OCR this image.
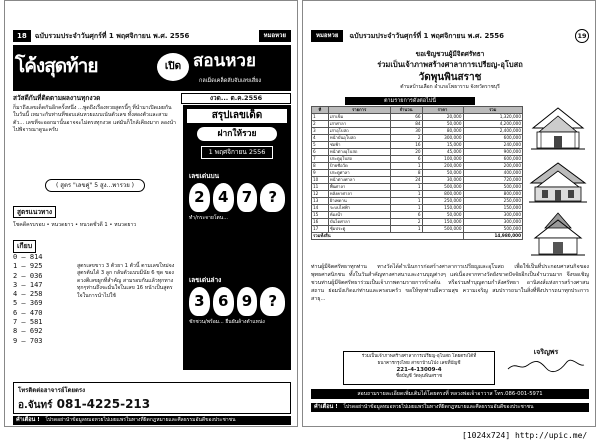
18	ฉบับรวมประจำวันศุกร์ที่ 1 พฤศจิกายน พ.ศ. 2556	หมอหวย
โค้งสุดท้าย	เปิด สอนหวย
กลเม็ดเคล็ดลับจับเลขเสี่ยง
สวัสดีกันที่ติดตามผลงานทุกงวด	งวด... ต.ค.2556
ก็มาถึงเลขเด็ดกันอีกครั้งหนึ่ง ...พูดถึงเรื่องหวยสูตรนี้ๆ ที่นำมาเปิดเผยกันในวันนี้ เหมาะกับท่านที่ชอบเล่นหวยแบบเน้นตัวเลข ทั้งสองตัวและสามตัว... เลขที่จะออกมานั้นอาจจะไม่ตรงทุกงวด แต่มันก็ใกล้เคียงมาก ลองนำไปพิจารณาดูนะครับ
( สูตร "เลขคู่" 5 สูง...พารวย )
สูตรแนวทาง
โชคดีครบรอบ • หนวดยาว • หนวดชั่วดี 1 • หนวดยาว
เกียบ
0 – 814
1 – 925
2 – 036
3 – 147
4 – 258
5 – 369
6 – 470
7 – 581
8 – 692
9 – 703
สูตรเลขขาว 3 ตัวยา 1 ตัวนี้ ตามเลขใหม่จงสูตรต้นได้ 3 ลูก กลับตัวแบบมีนัย 6 ชุด ของดวงตีเลขผูกที่สำคัญ สามรอบกันแล้วทุกทาง ทุกๆท่านถึงจะมั่นใจในเลข 16 หน้าเป็นสูตรใจในการนำไปใช้
สรุปเลขเด็ด
ฝากให้รวย
1 พฤศจิกายน 2556
เลขเด่นบน
2 4 7	?
ทำ/กระจายโตน...
เลขเด่นล่าง
3 6 9	?
ชักชวน/พร้อม... ยืนยันล้างตำแหน่ง
โทรติดต่อฮาจารย์โดยตรง
อ.จันทร์ 081-4225-213
คำเตือน ! โปรดอย่านำข้อมูลหมอหวยไปเผยแพร่ในทางที่ผิดกฎหมายและศีลธรรมอันดีของประชาชน
หมอหวย	ฉบับรวมประจำวันศุกร์ที่ 1 พฤศจิกายน พ.ศ. 2556	19
ขอเชิญชวนผู้มีจิตศรัทธา
ร่วมเป็นเจ้าภาพสร้างศาลาการเปรียญ-อุโบสถ
วัดพุนพินสราช
ตำบลบ้านเลือก อำเภอโพธาราม จังหวัดราชบุรี
ตามรายการดังต่อไปนี้
ที่	รายการ	จำนวน	ราคา	รวม
1	เสาเข็ม	66	20,000	1,320,000
2	เสาศาลา	84	50,000	4,200,000
3	เสาอุโบสถ	30	80,000	2,400,000
4	หน้าบันอุโบสถ	2	300,000	600,000
5	ช่อฟ้า	16	15,000	240,000
6	หน้าต่างอุโบสถ	20	45,000	900,000
7	ประตูอุโบสถ	6	100,000	600,000
8	ป้ายชื่อวัด	1	200,000	200,000
9	ประตูศาลา	8	50,000	400,000
10	หน้าต่างศาลา	24	30,000	720,000
11	พื้นศาลา	1	500,000	500,000
12	หลังคาศาลา	1	800,000	800,000
13	ฝ้าเพดาน	1	250,000	250,000
14	ระบบไฟฟ้า	1	150,000	150,000
15	ห้องน้ำ	6	50,000	300,000
16	บันไดศาลา	2	150,000	300,000
17	ซุ้มประตู	1	500,000	500,000
รวมทั้งสิ้น				14,980,000

ท่านผู้มีจิตศรัทธาทุกท่าน ทางวัดได้ดำเนินการก่อสร้างศาลาการเปรียญและอุโบสถ เพื่อใช้เป็นที่ประกอบศาสนกิจของพุทธศาสนิกชน ทั้งในวันสำคัญทางศาสนาและงานบุญต่างๆ แต่เนื่องจากทางวัดยังขาดปัจจัยอีกเป็นจำนวนมาก จึงขอเชิญชวนท่านผู้มีจิตศรัทธาร่วมเป็นเจ้าภาพตามรายการข้างต้น หรือร่วมทำบุญตามกำลังศรัทธา อานิสงส์แห่งการสร้างศาสนสถาน ย่อมบังเกิดแก่ท่านและครอบครัว ขอให้ทุกท่านมีความสุข ความเจริญ สมปรารถนาในสิ่งที่พึงปรารถนาทุกประการ สาธุ...
ร่วมเป็นเจ้าภาพสร้างศาลาการเปรียญ-อุโบสถ โดยตรงได้ที่
ธนาคารกรุงไทย สาขาบ้านโป่ง เลขที่บัญชี
221-4-13009-4
ชื่อบัญชี วัดพุนพินสราช
เจริญพร
สอบถามรายละเอียดเพิ่มเติมได้โดยตรงที่ หลวงพ่อเจ้าอาวาส โทร.086-001-5971
คำเตือน ! โปรดอย่านำข้อมูลหมอหวยไปเผยแพร่ในทางที่ผิดกฎหมายและศีลธรรมอันดีของประชาชน
[1024x724] http://upic.me/
